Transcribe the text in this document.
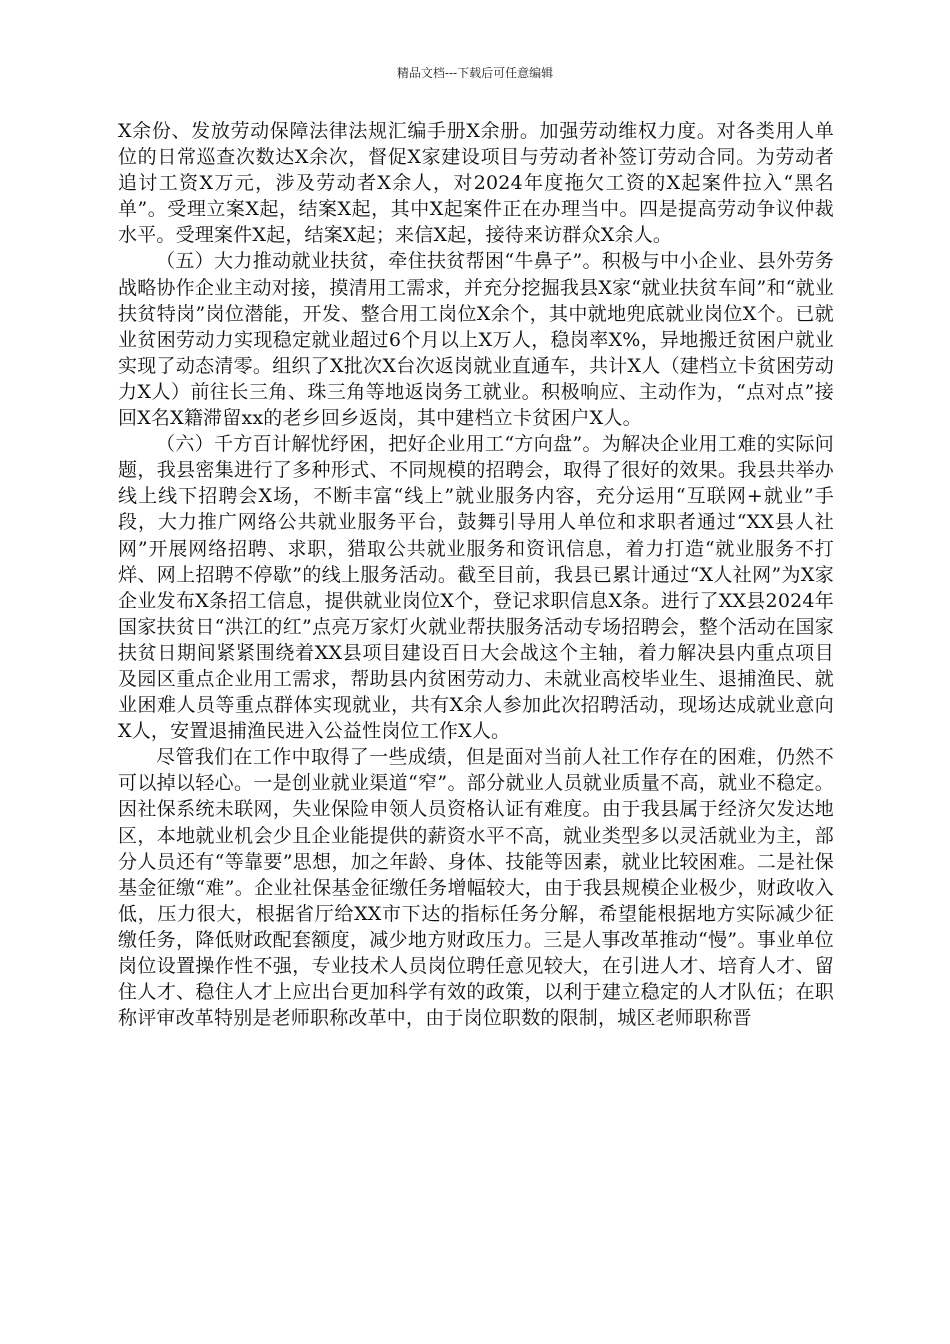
精品文档---下载后可任意编辑

X余份、发放劳动保障法律法规汇编手册X余册。加强劳动维权力度。对各类用人单位的日常巡查次数达X余次，督促X家建设项目与劳动者补签订劳动合同。为劳动者追讨工资X万元，涉及劳动者X余人，对2024年度拖欠工资的X起案件拉入“黑名单”。受理立案X起，结案X起，其中X起案件正在办理当中。四是提高劳动争议仲裁水平。受理案件X起，结案X起；来信X起，接待来访群众X余人。

（五）大力推动就业扶贫，牵住扶贫帮困“牛鼻子”。积极与中小企业、县外劳务战略协作企业主动对接，摸清用工需求，并充分挖掘我县X家“就业扶贫车间”和“就业扶贫特岗”岗位潜能，开发、整合用工岗位X余个，其中就地兜底就业岗位X个。已就业贫困劳动力实现稳定就业超过6个月以上X万人，稳岗率X%，异地搬迁贫困户就业实现了动态清零。组织了X批次X台次返岗就业直通车，共计X人（建档立卡贫困劳动力X人）前往长三角、珠三角等地返岗务工就业。积极响应、主动作为，“点对点”接回X名X籍滞留xx的老乡回乡返岗，其中建档立卡贫困户X人。

（六）千方百计解忧纾困，把好企业用工“方向盘”。为解决企业用工难的实际问题，我县密集进行了多种形式、不同规模的招聘会，取得了很好的效果。我县共举办线上线下招聘会X场，不断丰富“线上”就业服务内容，充分运用“互联网+就业”手段，大力推广网络公共就业服务平台，鼓舞引导用人单位和求职者通过“XX县人社网”开展网络招聘、求职，猎取公共就业服务和资讯信息，着力打造“就业服务不打烊、网上招聘不停歇”的线上服务活动。截至目前，我县已累计通过“X人社网”为X家企业发布X条招工信息，提供就业岗位X个，登记求职信息X条。进行了XX县2024年国家扶贫日“洪江的红”点亮万家灯火就业帮扶服务活动专场招聘会，整个活动在国家扶贫日期间紧紧围绕着XX县项目建设百日大会战这个主轴，着力解决县内重点项目及园区重点企业用工需求，帮助县内贫困劳动力、未就业高校毕业生、退捕渔民、就业困难人员等重点群体实现就业，共有X余人参加此次招聘活动，现场达成就业意向X人，安置退捕渔民进入公益性岗位工作X人。

尽管我们在工作中取得了一些成绩，但是面对当前人社工作存在的困难，仍然不可以掉以轻心。一是创业就业渠道“窄”。部分就业人员就业质量不高，就业不稳定。因社保系统未联网，失业保险申领人员资格认证有难度。由于我县属于经济欠发达地区，本地就业机会少且企业能提供的薪资水平不高，就业类型多以灵活就业为主，部分人员还有“等靠要”思想，加之年龄、身体、技能等因素，就业比较困难。二是社保基金征缴“难”。企业社保基金征缴任务增幅较大，由于我县规模企业极少，财政收入低，压力很大，根据省厅给XX市下达的指标任务分解，希望能根据地方实际减少征缴任务，降低财政配套额度，减少地方财政压力。三是人事改革推动“慢”。事业单位岗位设置操作性不强，专业技术人员岗位聘任意见较大，在引进人才、培育人才、留住人才、稳住人才上应出台更加科学有效的政策，以利于建立稳定的人才队伍；在职称评审改革特别是老师职称改革中，由于岗位职数的限制，城区老师职称晋
